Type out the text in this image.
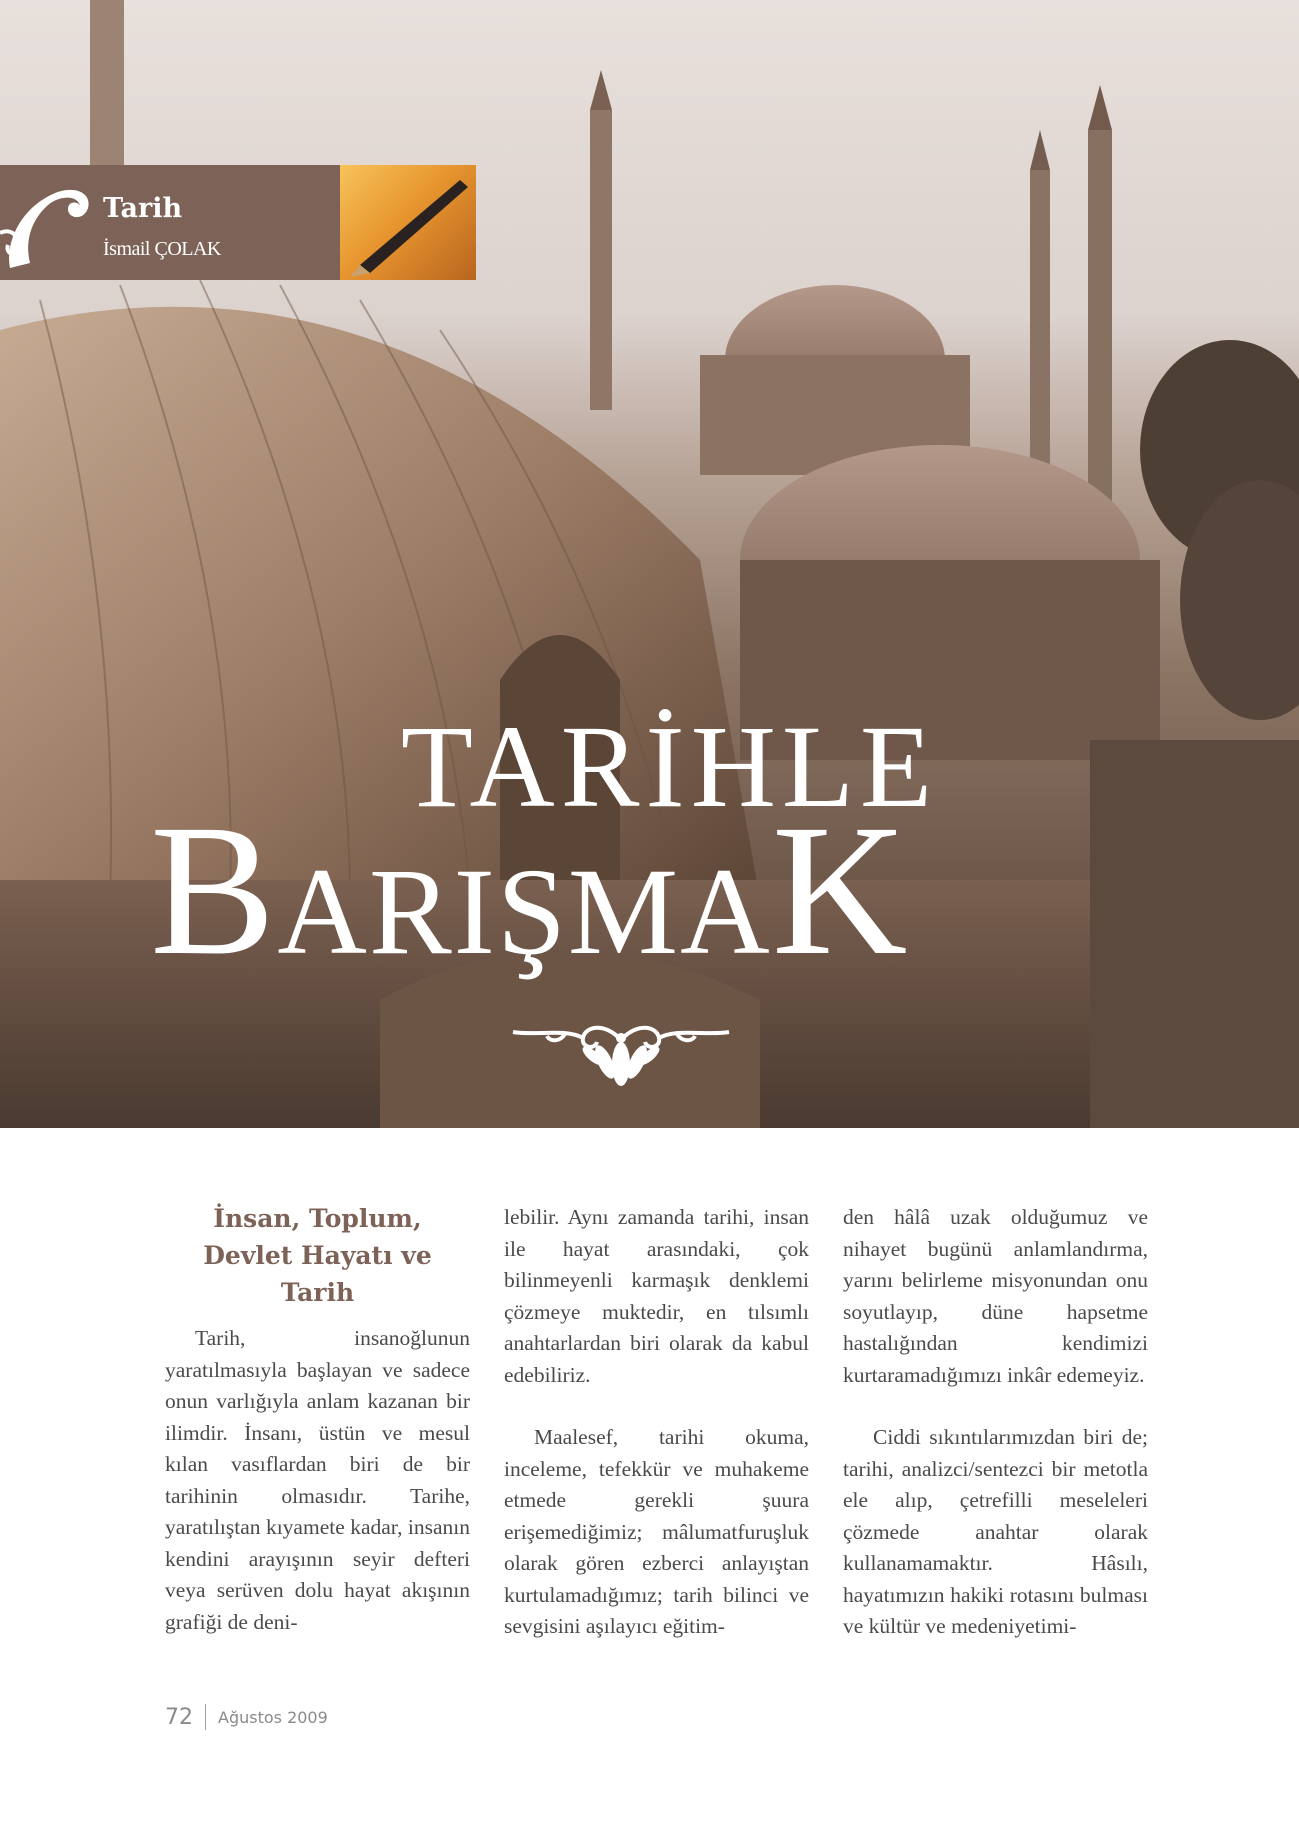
Tarih
İsmail ÇOLAK
TARİHLE
BARIŞMAK
İnsan, Toplum, Devlet Hayatı ve Tarih

Tarih, insanoğlunun yaratılmasıyla başlayan ve sadece onun varlığıyla anlam kazanan bir ilimdir. İnsanı, üstün ve mesul kılan vasıflardan biri de bir tarihinin olmasıdır. Tarihe, yaratılıştan kıyamete kadar, insanın kendini arayışının seyir defteri veya serüven dolu hayat akışının grafiği de deni-

lebilir. Aynı zamanda tarihi, insan ile hayat arasındaki, çok bilinmeyenli karmaşık denklemi çözmeye muktedir, en tılsımlı anahtarlardan biri olarak da kabul edebiliriz.

Maalesef, tarihi okuma, inceleme, tefekkür ve muhakeme etmede gerekli şuura erişemediğimiz; mâlumatfuruşluk olarak gören ezberci anlayıştan kurtulamadığımız; tarih bilinci ve sevgisini aşılayıcı eğitim-

den hâlâ uzak olduğumuz ve nihayet bugünü anlamlandırma, yarını belirleme misyonundan onu soyutlayıp, düne hapsetme hastalığından kendimizi kurtaramadığımızı inkâr edemeyiz.

Ciddi sıkıntılarımızdan biri de; tarihi, analizci/sentezci bir metotla ele alıp, çetrefilli meseleleri çözmede anahtar olarak kullanamamaktır. Hâsılı, hayatımızın hakiki rotasını bulması ve kültür ve medeniyetimi-

72 Ağustos 2009
